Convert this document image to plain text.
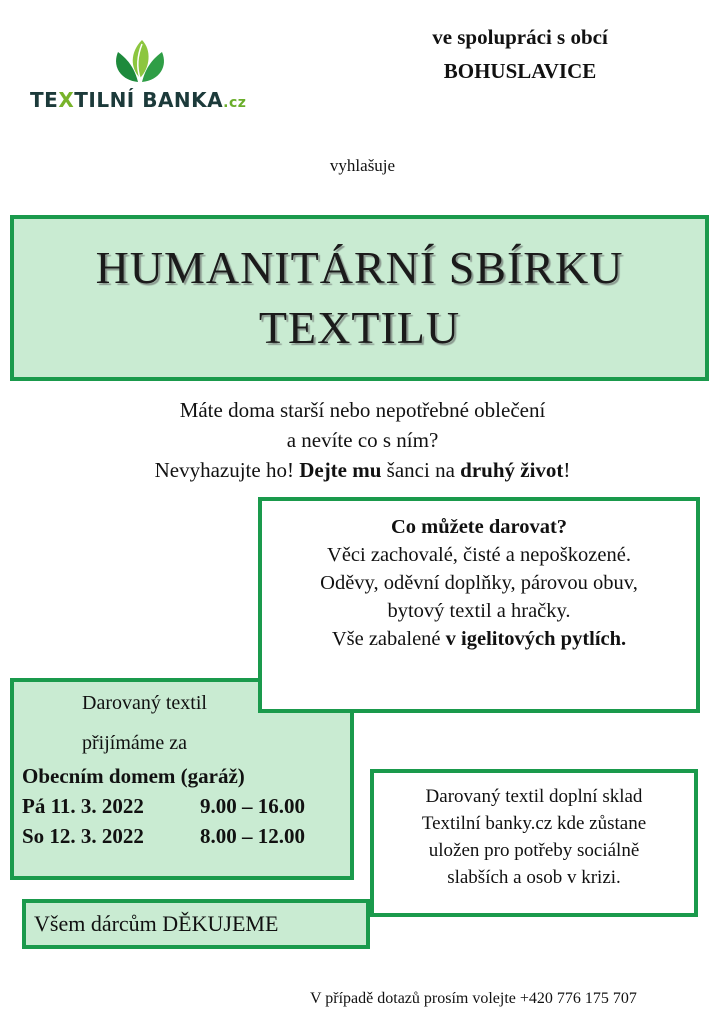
TEXTILNÍ BANKA.cz
ve spolupráci s obcí
BOHUSLAVICE
vyhlašuje
HUMANITÁRNÍ SBÍRKU
TEXTILU
Máte doma starší nebo nepotřebné oblečení
a nevíte co s ním?
Nevyhazujte ho! Dejte mu šanci na druhý život!
Darovaný textil
přijímáme za
Obecním domem (garáž)
Pá 11. 3. 2022	9.00 – 16.00
So 12. 3. 2022	8.00 – 12.00
Co můžete darovat?
Věci zachovalé, čisté a nepoškozené.
Oděvy, oděvní doplňky, párovou obuv,
bytový textil a hračky.
Vše zabalené v igelitových pytlích.
Darovaný textil doplní sklad
Textilní banky.cz kde zůstane
uložen pro potřeby sociálně
slabších a osob v krizi.
Všem dárcům DĚKUJEME
V případě dotazů prosím volejte +420 776 175 707
